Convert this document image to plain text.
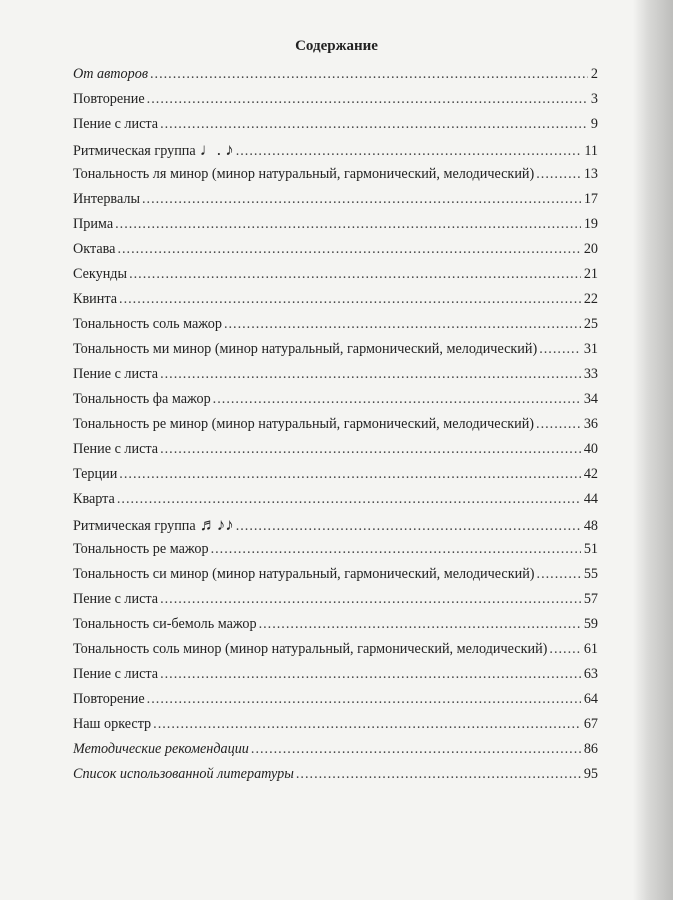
Содержание
От авторов .....	2
Повторение .....	3
Пение с листа .....	9
Ритмическая группа ♩. ♪ .....	11
Тональность ля минор (минор натуральный, гармонический, мелодический) .....	13
Интервалы .....	17
Прима .....	19
Октава .....	20
Секунды .....	21
Квинта .....	22
Тональность соль мажор .....	25
Тональность ми минор (минор натуральный, гармонический, мелодический) .....	31
Пение с листа .....	33
Тональность фа мажор .....	34
Тональность ре минор (минор натуральный, гармонический, мелодический) .....	36
Пение с листа .....	40
Терции .....	42
Кварта .....	44
Ритмическая группа ♬♪♪ .....	48
Тональность ре мажор .....	51
Тональность си минор (минор натуральный, гармонический, мелодический) .....	55
Пение с листа .....	57
Тональность си-бемоль мажор .....	59
Тональность соль минор (минор натуральный, гармонический, мелодический) .....	61
Пение с листа .....	63
Повторение .....	64
Наш оркестр .....	67
Методические рекомендации .....	86
Список использованной литературы .....	95
